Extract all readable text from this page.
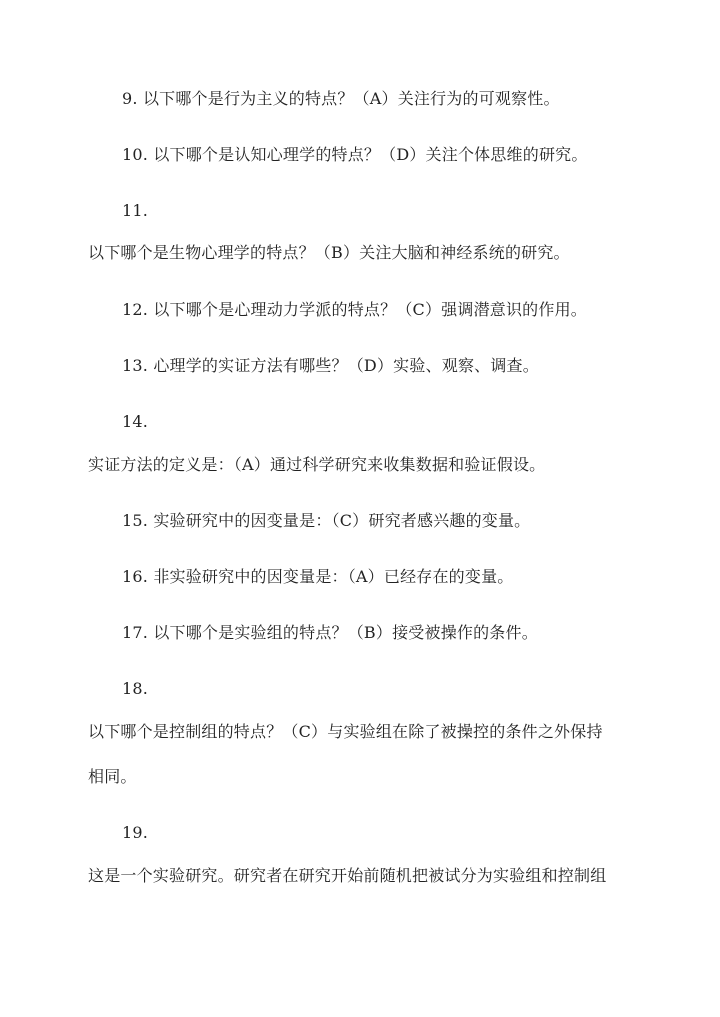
9. 以下哪个是行为主义的特点？（A）关注行为的可观察性。
10. 以下哪个是认知心理学的特点？（D）关注个体思维的研究。
11.
以下哪个是生物心理学的特点？（B）关注大脑和神经系统的研究。
12. 以下哪个是心理动力学派的特点？（C）强调潜意识的作用。
13. 心理学的实证方法有哪些？（D）实验、观察、调查。
14.
实证方法的定义是：（A）通过科学研究来收集数据和验证假设。
15. 实验研究中的因变量是：（C）研究者感兴趣的变量。
16. 非实验研究中的因变量是：（A）已经存在的变量。
17. 以下哪个是实验组的特点？（B）接受被操作的条件。
18.
以下哪个是控制组的特点？（C）与实验组在除了被操控的条件之外保持
相同。
19.
这是一个实验研究。研究者在研究开始前随机把被试分为实验组和控制组
